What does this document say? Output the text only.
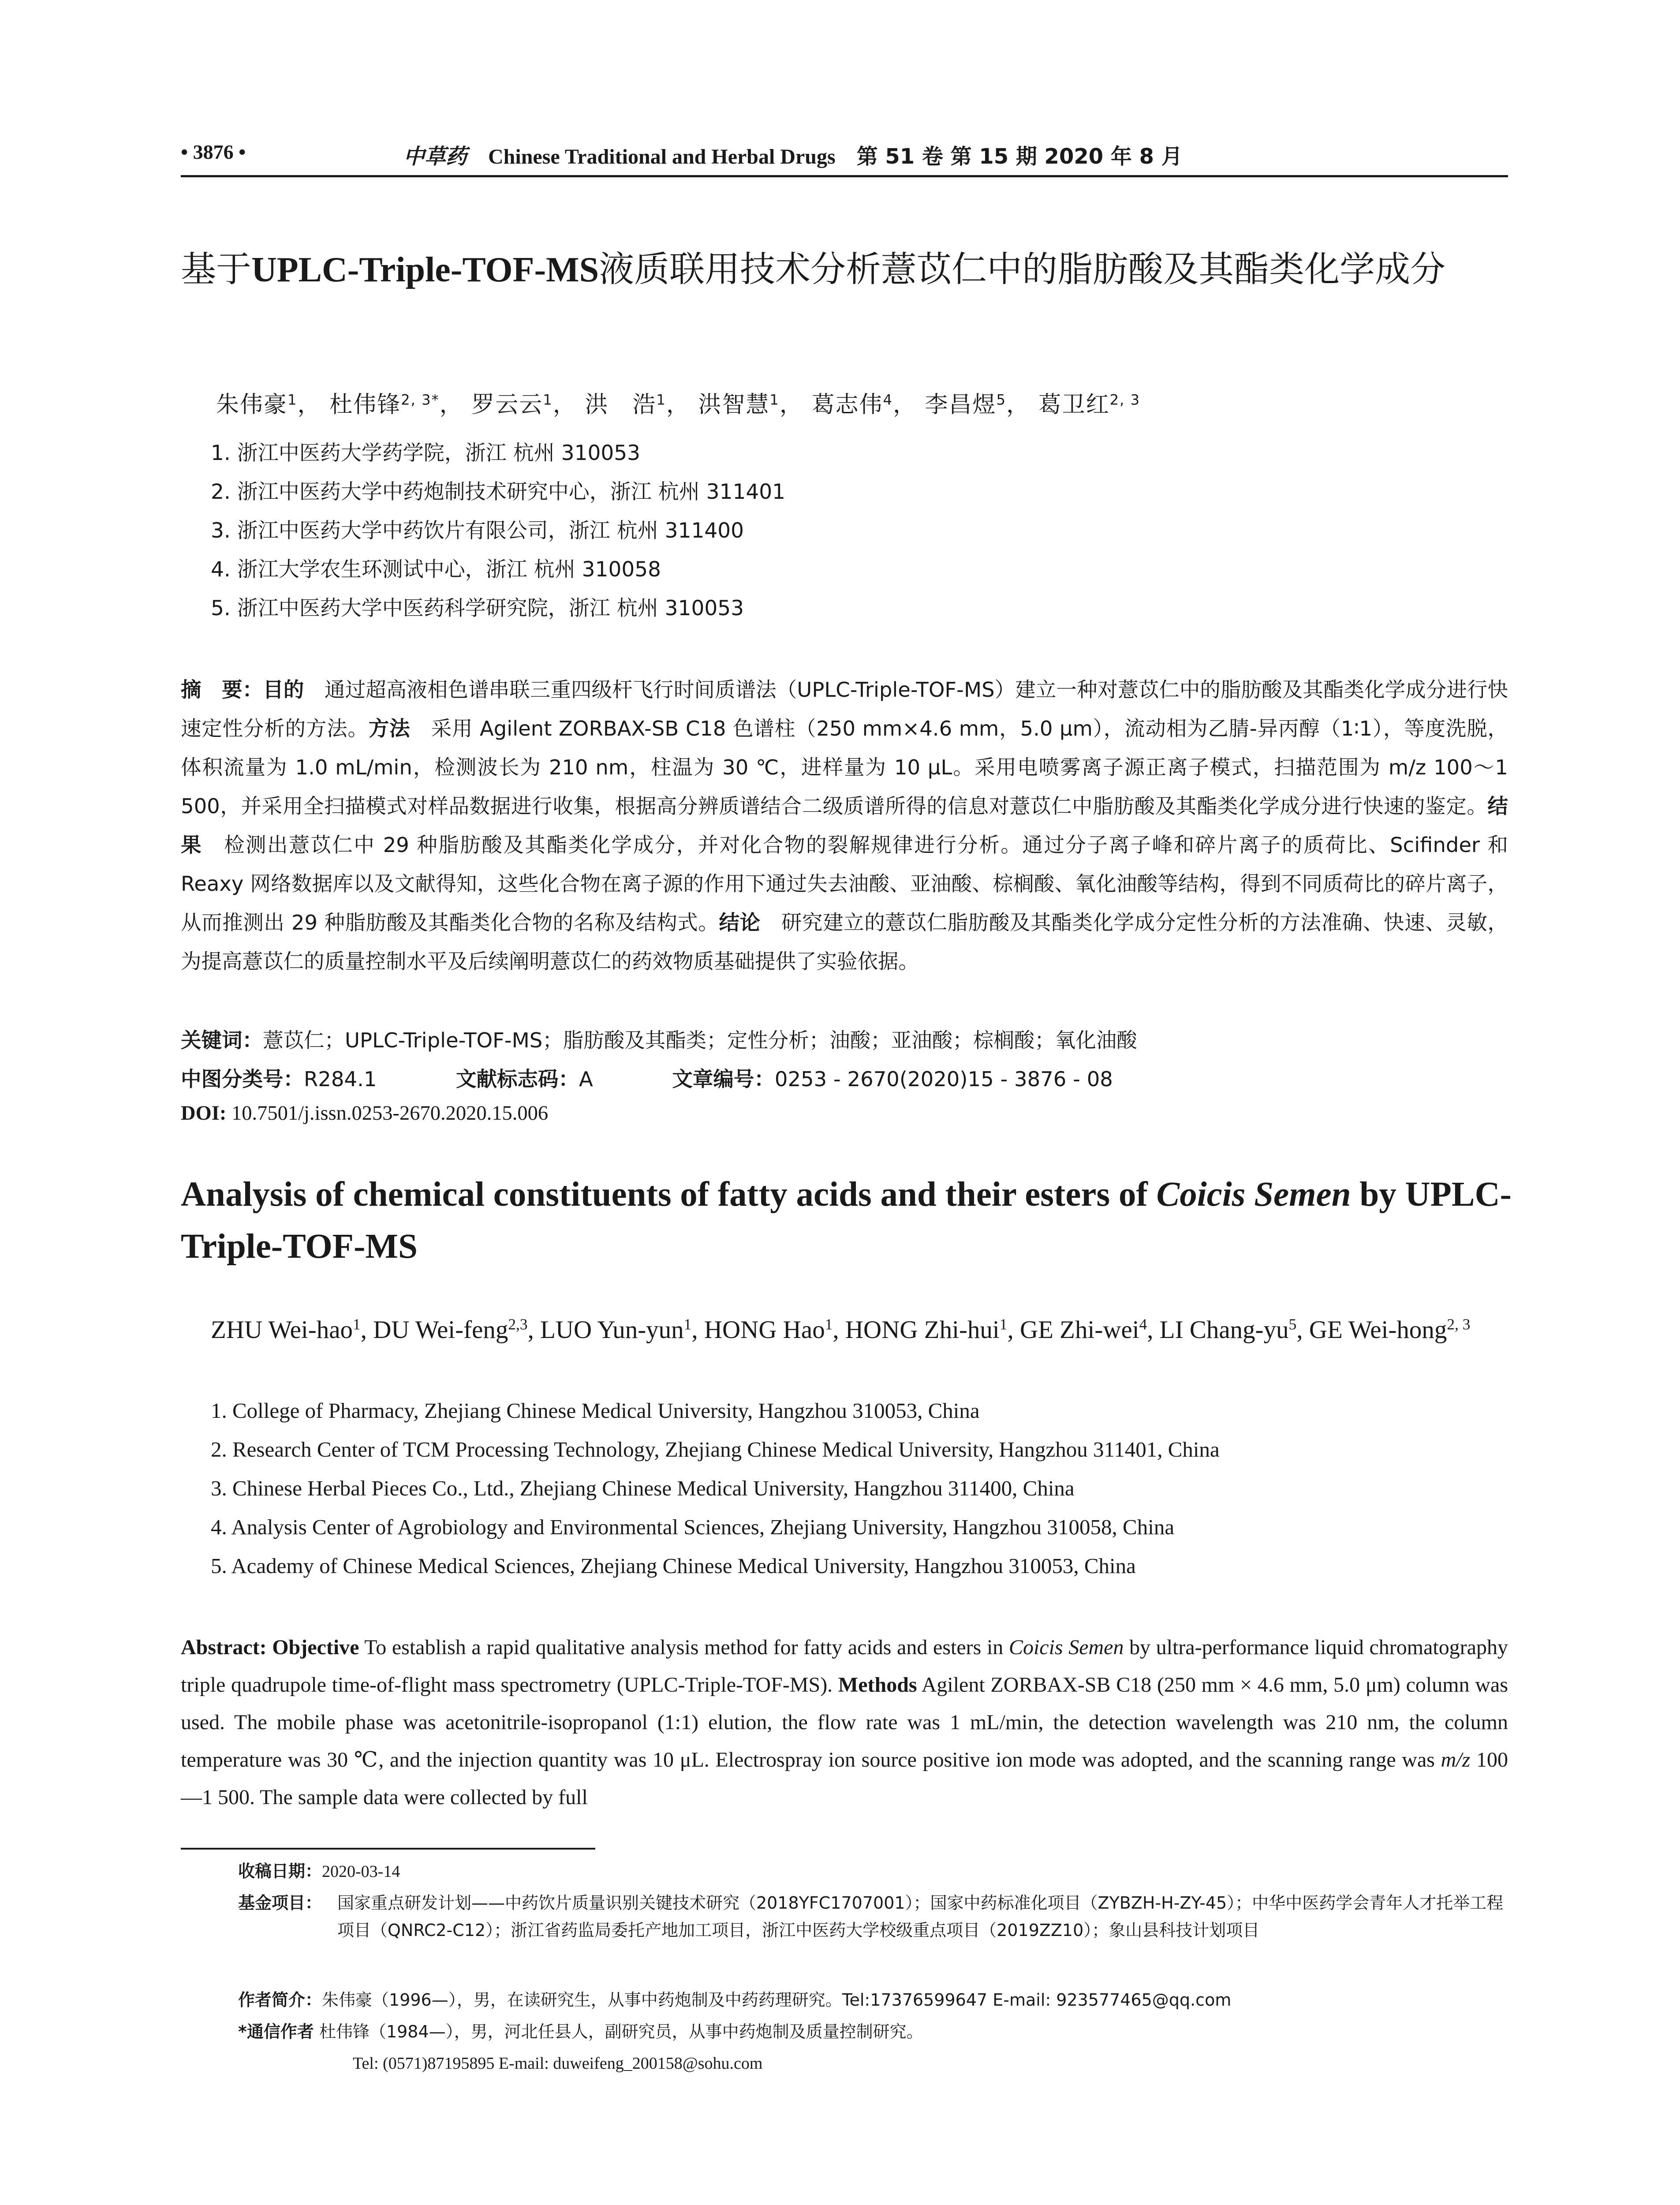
• 3876 •	中草药 Chinese Traditional and Herbal Drugs 第 51 卷 第 15 期 2020 年 8 月
基于UPLC-Triple-TOF-MS液质联用技术分析薏苡仁中的脂肪酸及其酯类化学成分
朱伟豪$^1$， 杜伟锋$^{2, 3*}$， 罗云云$^1$， 洪　浩$^1$， 洪智慧$^1$， 葛志伟$^4$， 李昌煜$^5$， 葛卫红$^{2, 3}$
1. 浙江中医药大学药学院，浙江 杭州 310053
2. 浙江中医药大学中药炮制技术研究中心，浙江 杭州 311401
3. 浙江中医药大学中药饮片有限公司，浙江 杭州 311400
4. 浙江大学农生环测试中心，浙江 杭州 310058
5. 浙江中医药大学中医药科学研究院，浙江 杭州 310053
摘　要：目的　通过超高液相色谱串联三重四级杆飞行时间质谱法（UPLC-Triple-TOF-MS）建立一种对薏苡仁中的脂肪酸及其酯类化学成分进行快速定性分析的方法。方法　采用 Agilent ZORBAX-SB C18 色谱柱（250 mm×4.6 mm，5.0 μm），流动相为乙腈-异丙醇（1∶1），等度洗脱，体积流量为 1.0 mL/min，检测波长为 210 nm，柱温为 30 ℃，进样量为 10 μL。采用电喷雾离子源正离子模式，扫描范围为 m/z 100～1 500，并采用全扫描模式对样品数据进行收集，根据高分辨质谱结合二级质谱所得的信息对薏苡仁中脂肪酸及其酯类化学成分进行快速的鉴定。结果　检测出薏苡仁中 29 种脂肪酸及其酯类化学成分，并对化合物的裂解规律进行分析。通过分子离子峰和碎片离子的质荷比、Scifinder 和 Reaxy 网络数据库以及文献得知，这些化合物在离子源的作用下通过失去油酸、亚油酸、棕榈酸、氧化油酸等结构，得到不同质荷比的碎片离子，从而推测出 29 种脂肪酸及其酯类化合物的名称及结构式。结论　研究建立的薏苡仁脂肪酸及其酯类化学成分定性分析的方法准确、快速、灵敏，为提高薏苡仁的质量控制水平及后续阐明薏苡仁的药效物质基础提供了实验依据。
关键词：薏苡仁；UPLC-Triple-TOF-MS；脂肪酸及其酯类；定性分析；油酸；亚油酸；棕榈酸；氧化油酸
中图分类号：R284.1	文献标志码：A	文章编号：0253 - 2670(2020)15 - 3876 - 08
DOI: 10.7501/j.issn.0253-2670.2020.15.006
Analysis of chemical constituents of fatty acids and their esters of Coicis Semen by UPLC-Triple-TOF-MS
ZHU Wei-hao$^1$, DU Wei-feng$^{2,3}$, LUO Yun-yun$^1$, HONG Hao$^1$, HONG Zhi-hui$^1$, GE Zhi-wei$^4$, LI Chang-$yu^5$, GE Wei-hong$^{2, 3}$
1. College of Pharmacy, Zhejiang Chinese Medical University, Hangzhou 310053, China
2. Research Center of TCM Processing Technology, Zhejiang Chinese Medical University, Hangzhou 311401, China
3. Chinese Herbal Pieces Co., Ltd., Zhejiang Chinese Medical University, Hangzhou 311400, China
4. Analysis Center of Agrobiology and Environmental Sciences, Zhejiang University, Hangzhou 310058, China
5. Academy of Chinese Medical Sciences, Zhejiang Chinese Medical University, Hangzhou 310053, China
Abstract: Objective To establish a rapid qualitative analysis method for fatty acids and esters in Coicis Semen by ultra-performance liquid chromatography triple quadrupole time-of-flight mass spectrometry (UPLC-Triple-TOF-MS). Methods Agilent ZORBAX-SB C18 (250 mm × 4.6 mm, 5.0 μm) column was used. The mobile phase was acetonitrile-isopropanol (1:1) elution, the flow rate was 1 mL/min, the detection wavelength was 210 nm, the column temperature was 30 ℃, and the injection quantity was 10 μL. Electrospray ion source positive ion mode was adopted, and the scanning range was m/z 100—1 500. The sample data were collected by full
收稿日期：2020-03-14
基金项目： 国家重点研发计划——中药饮片质量识别关键技术研究（2018YFC1707001）；国家中药标准化项目（ZYBZH-H-ZY-45）；中华中医药学会青年人才托举工程项目（QNRC2-C12）；浙江省药监局委托产地加工项目，浙江中医药大学校级重点项目（2019ZZ10）；象山县科技计划项目
作者简介：朱伟豪（1996—），男，在读研究生，从事中药炮制及中药药理研究。Tel:17376599647 E-mail: 923577465@qq.com
*通信作者 杜伟锋（1984—），男，河北任县人，副研究员，从事中药炮制及质量控制研究。
Tel: (0571)87195895 E-mail: duweifeng_200158@sohu.com
